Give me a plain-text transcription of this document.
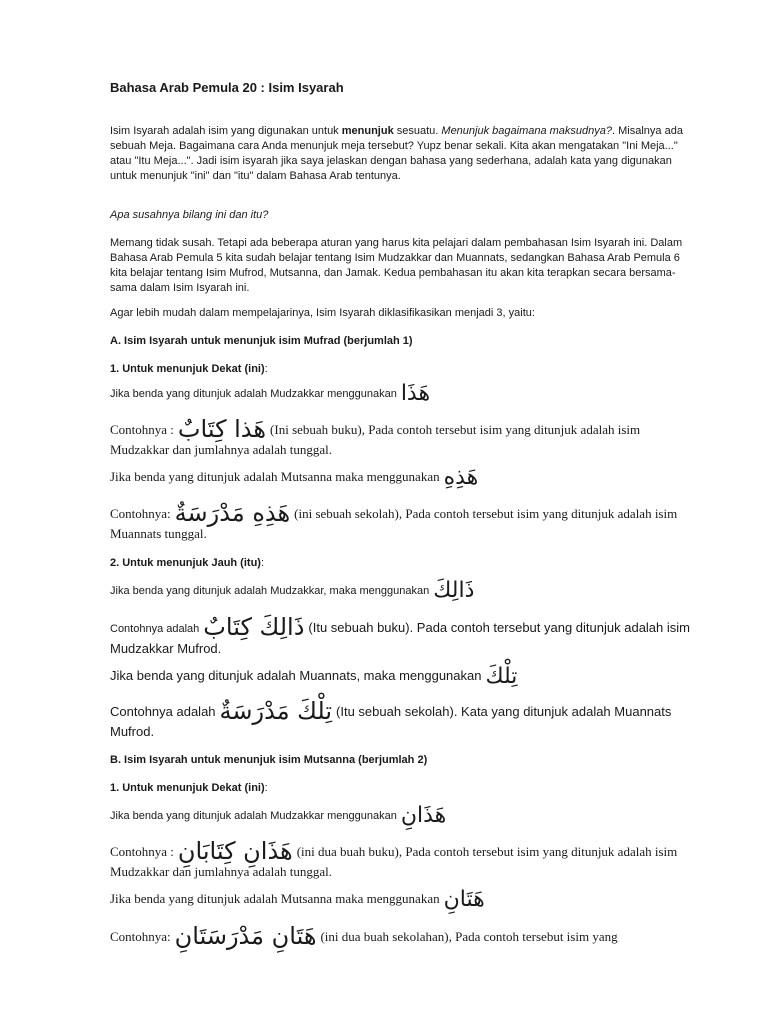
Bahasa Arab Pemula 20 : Isim Isyarah

Isim Isyarah adalah isim yang digunakan untuk menunjuk sesuatu. Menunjuk bagaimana maksudnya?. Misalnya ada sebuah Meja. Bagaimana cara Anda menunjuk meja tersebut? Yupz benar sekali. Kita akan mengatakan "Ini Meja..." atau "Itu Meja...". Jadi isim isyarah jika saya jelaskan dengan bahasa yang sederhana, adalah kata yang digunakan untuk menunjuk "ini" dan "itu" dalam Bahasa Arab tentunya.

Apa susahnya bilang ini dan itu?

Memang tidak susah. Tetapi ada beberapa aturan yang harus kita pelajari dalam pembahasan Isim Isyarah ini. Dalam Bahasa Arab Pemula 5 kita sudah belajar tentang Isim Mudzakkar dan Muannats, sedangkan Bahasa Arab Pemula 6 kita belajar tentang Isim Mufrod, Mutsanna, dan Jamak. Kedua pembahasan itu akan kita terapkan secara bersama-sama dalam Isim Isyarah ini.

Agar lebih mudah dalam mempelajarinya, Isim Isyarah diklasifikasikan menjadi 3, yaitu:

A. Isim Isyarah untuk menunjuk isim Mufrad (berjumlah 1)

1. Untuk menunjuk Dekat (ini):

Jika benda yang ditunjuk adalah Mudzakkar menggunakan هَذَا

Contohnya : هَذا كِتَابٌ (Ini sebuah buku), Pada contoh tersebut isim yang ditunjuk adalah isim Mudzakkar dan jumlahnya adalah tunggal.

Jika benda yang ditunjuk adalah Mutsanna maka menggunakan هَذِهِ

Contohnya: هَذِهِ مَدْرَسَةٌ (ini sebuah sekolah), Pada contoh tersebut isim yang ditunjuk adalah isim Muannats tunggal.

2. Untuk menunjuk Jauh (itu):

Jika benda yang ditunjuk adalah Mudzakkar, maka menggunakan ذَالِكَ

Contohnya adalah ذَالِكَ كِتَابٌ (Itu sebuah buku). Pada contoh tersebut yang ditunjuk adalah isim Mudzakkar Mufrod.

Jika benda yang ditunjuk adalah Muannats, maka menggunakan تِلْكَ

Contohnya adalah تِلْكَ مَدْرَسَةٌ (Itu sebuah sekolah). Kata yang ditunjuk adalah Muannats Mufrod.

B. Isim Isyarah untuk menunjuk isim Mutsanna (berjumlah 2)

1. Untuk menunjuk Dekat (ini):

Jika benda yang ditunjuk adalah Mudzakkar menggunakan هَذَانِ

Contohnya : هَذَانِ كِتَابَانِ (ini dua buah buku), Pada contoh tersebut isim yang ditunjuk adalah isim Mudzakkar dan jumlahnya adalah tunggal.

Jika benda yang ditunjuk adalah Mutsanna maka menggunakan هَتَانِ

Contohnya: هَتَانِ مَدْرَسَتَانِ (ini dua buah sekolahan), Pada contoh tersebut isim yang
